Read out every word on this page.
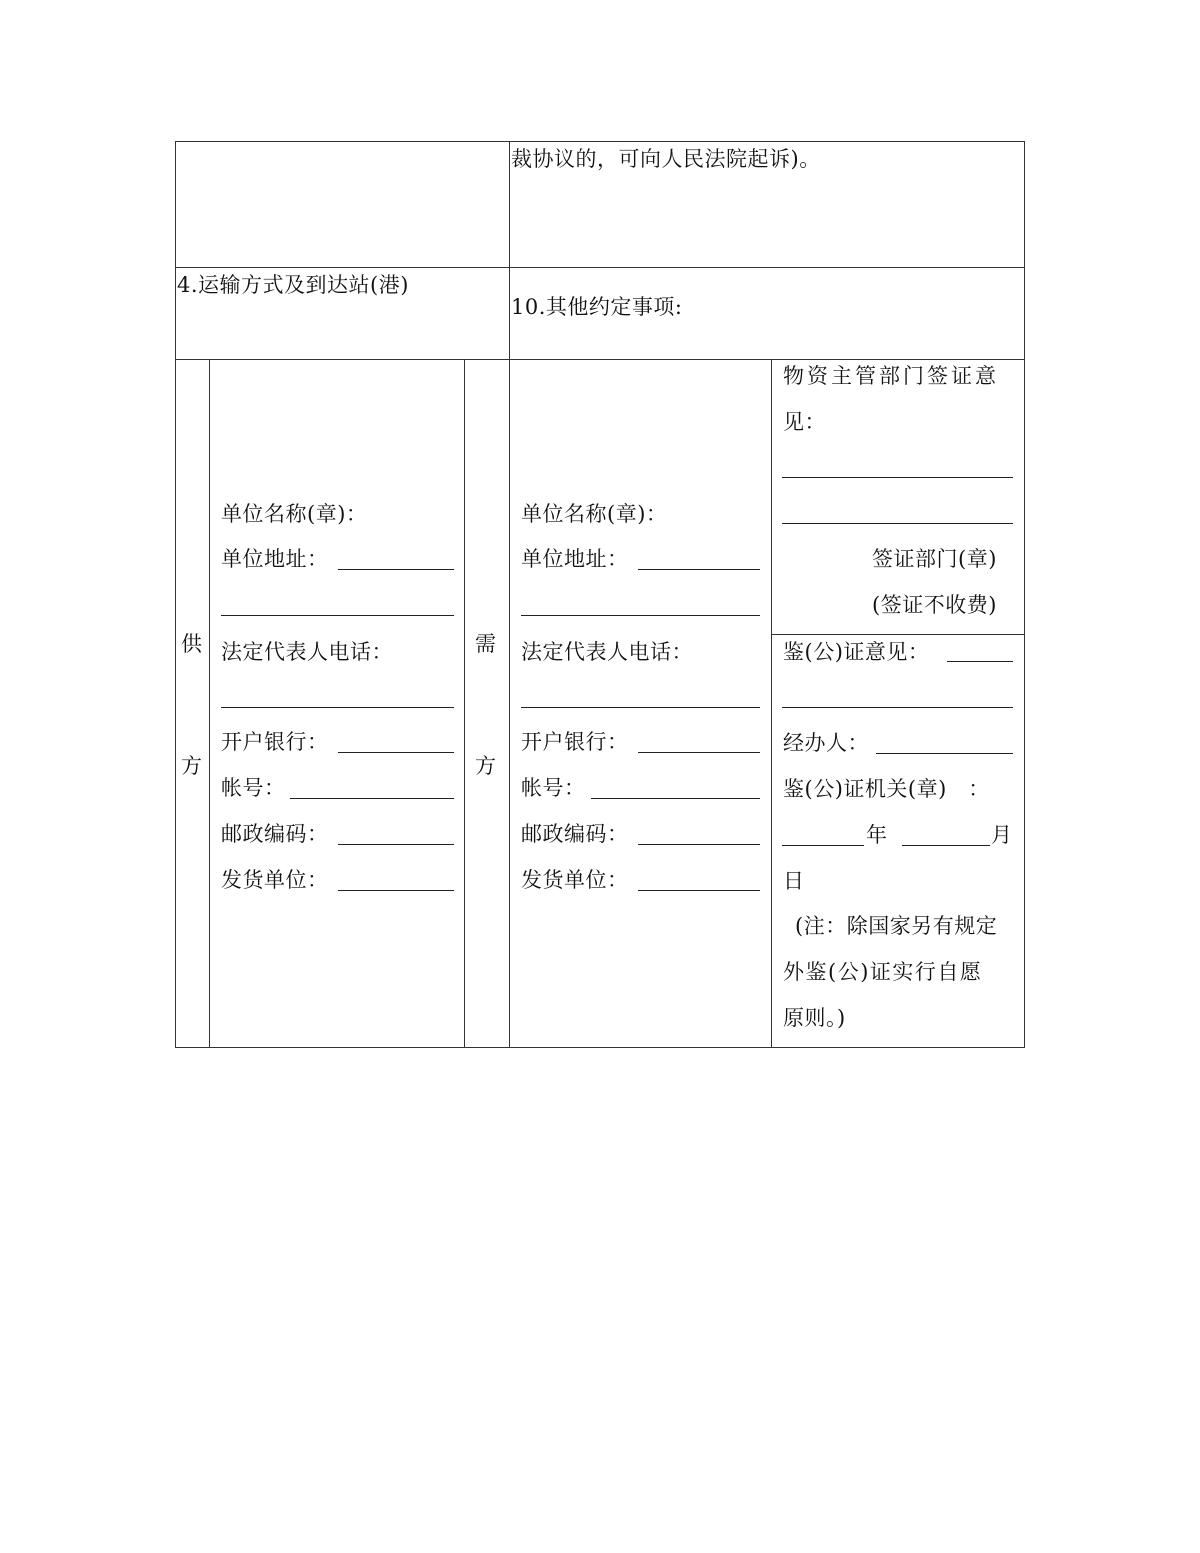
裁协议的，可向人民法院起诉)。
4.运输方式及到达站(港)
10.其他约定事项:
供
方
单位名称(章)：
单位地址：
法定代表人电话：
开户银行：
帐号：
邮政编码：
发货单位：
需
方
单位名称(章)：
单位地址：
法定代表人电话：
开户银行：
帐号：
邮政编码：
发货单位：
物资主管部门签证意
见：
签证部门(章)
(签证不收费)
鉴(公)证意见：
经办人：
鉴(公)证机关(章)　：
年	月
日
(注：除国家另有规定
外鉴(公)证实行自愿
原则。)
